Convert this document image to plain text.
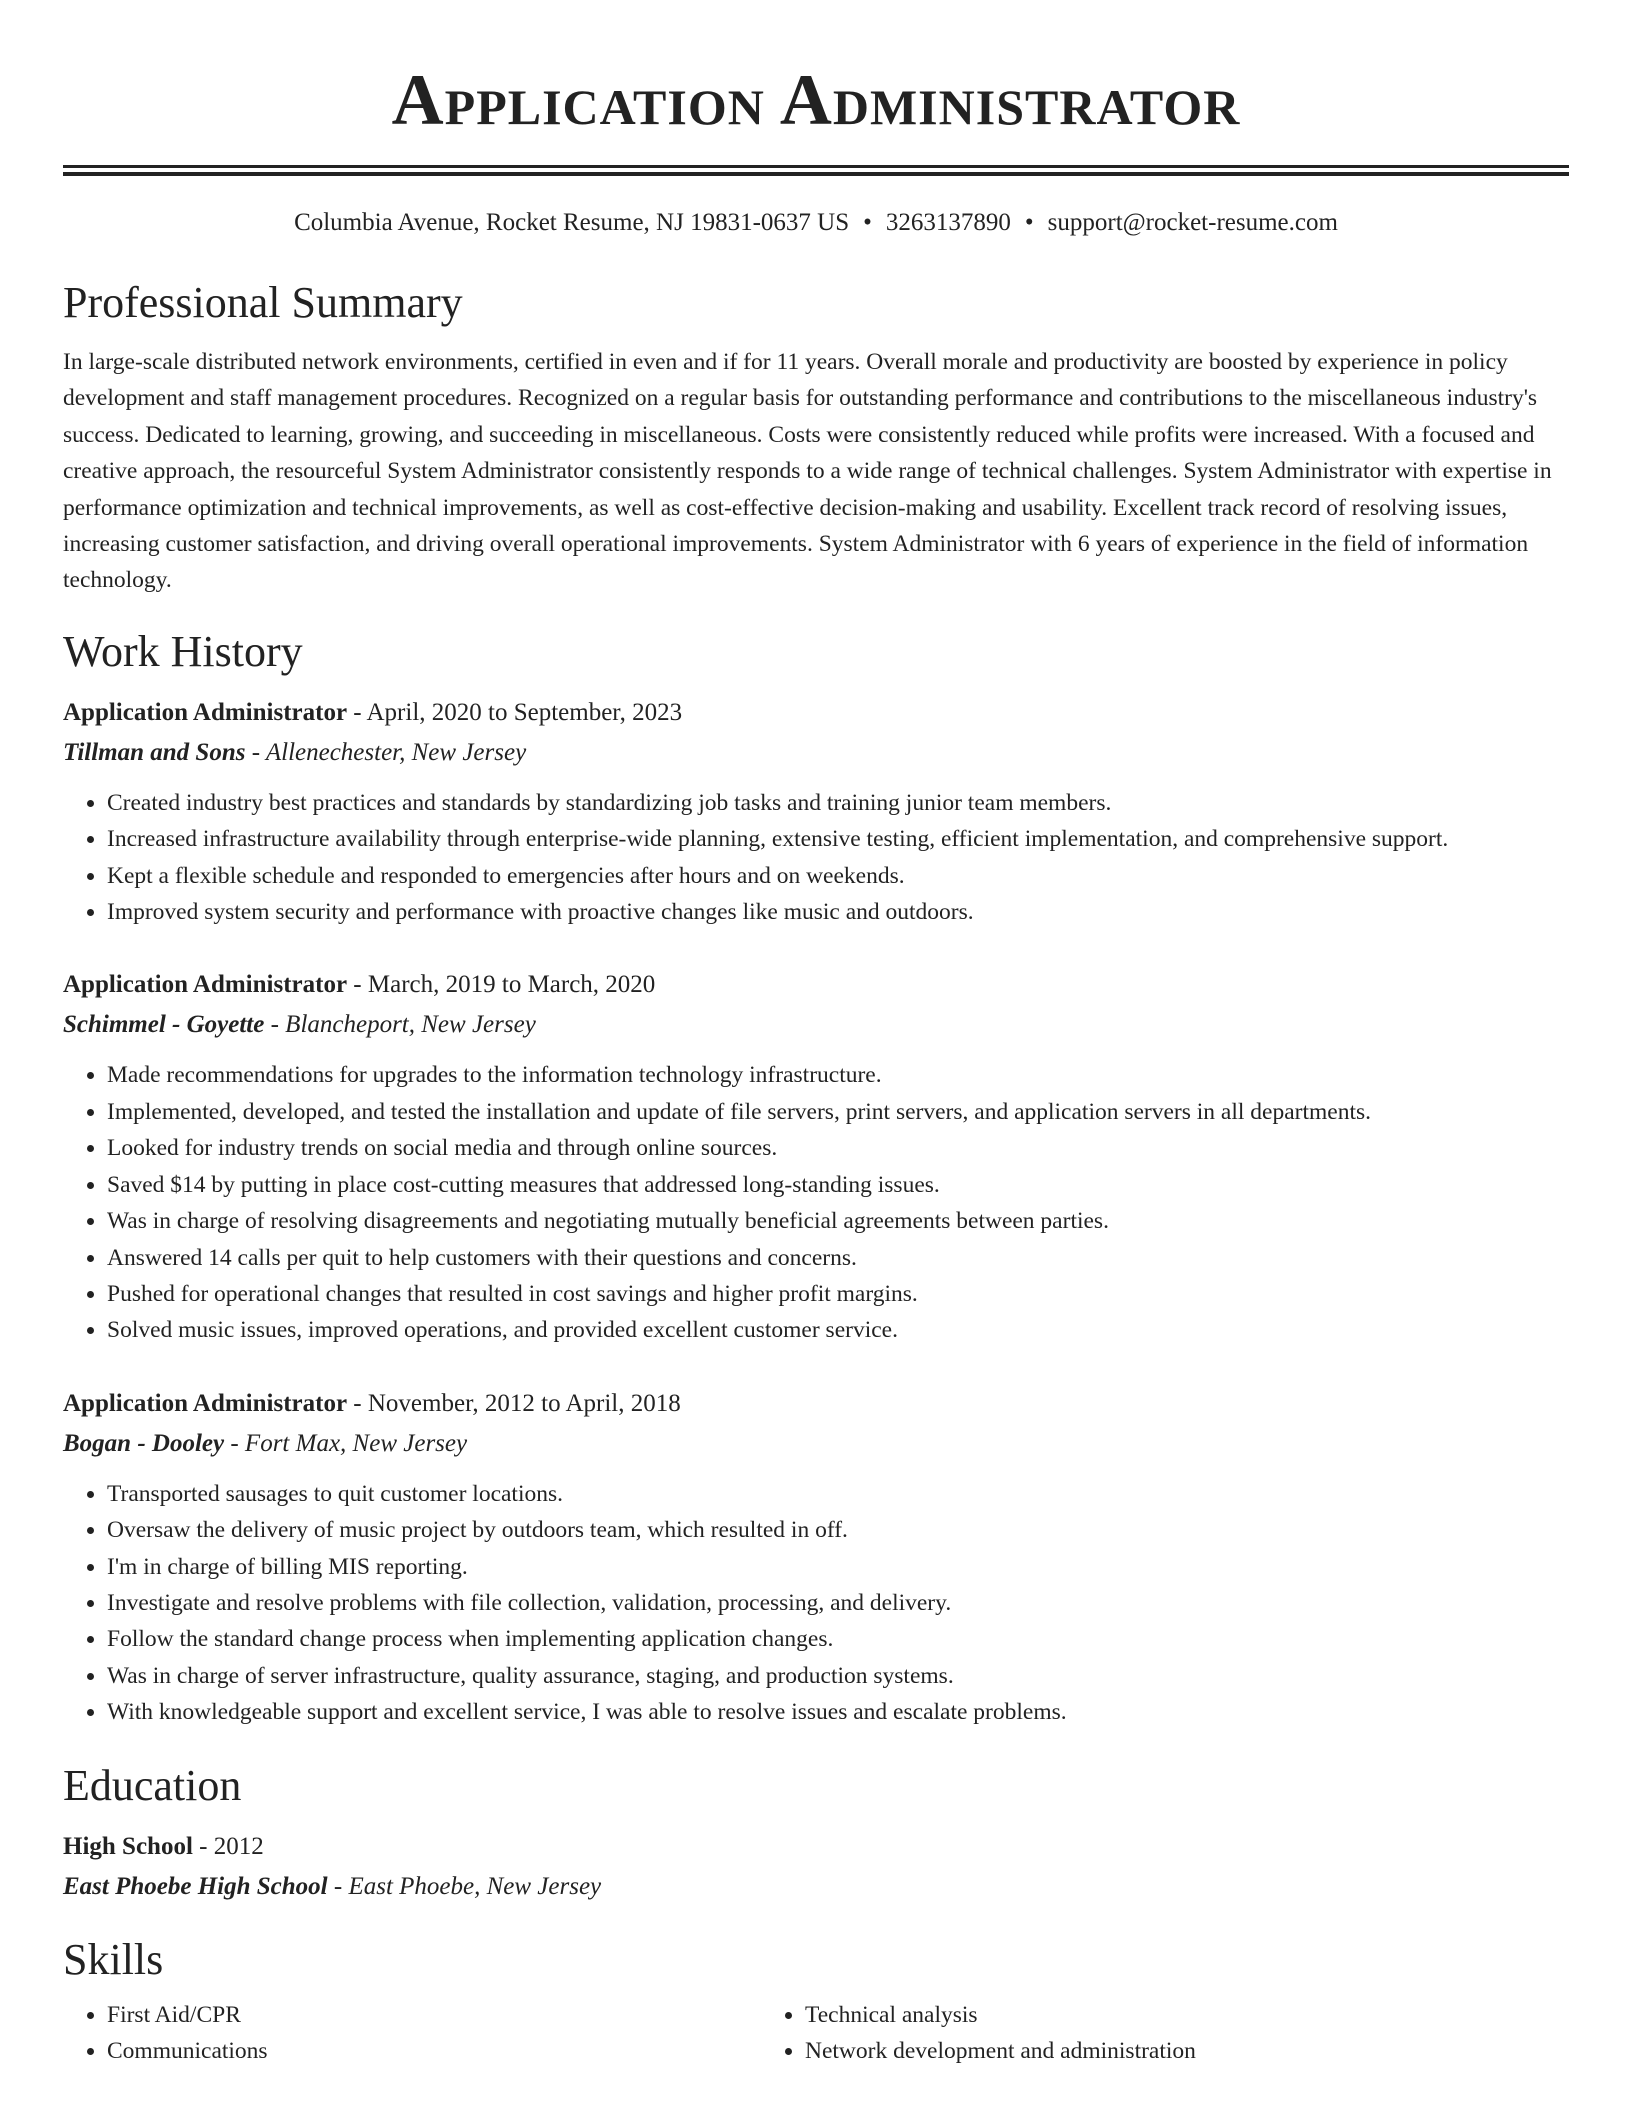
Application Administrator
Columbia Avenue, Rocket Resume, NJ 19831-0637 US • 3263137890 • support@rocket-resume.com
Professional Summary

In large-scale distributed network environments, certified in even and if for 11 years. Overall morale and productivity are boosted by experience in policy development and staff management procedures. Recognized on a regular basis for outstanding performance and contributions to the miscellaneous industry's success. Dedicated to learning, growing, and succeeding in miscellaneous. Costs were consistently reduced while profits were increased. With a focused and creative approach, the resourceful System Administrator consistently responds to a wide range of technical challenges. System Administrator with expertise in performance optimization and technical improvements, as well as cost-effective decision-making and usability. Excellent track record of resolving issues, increasing customer satisfaction, and driving overall operational improvements. System Administrator with 6 years of experience in the field of information technology.

Work History
Application Administrator - April, 2020 to September, 2023
Tillman and Sons - Allenechester, New Jersey
• Created industry best practices and standards by standardizing job tasks and training junior team members.
• Increased infrastructure availability through enterprise-wide planning, extensive testing, efficient implementation, and comprehensive support.
• Kept a flexible schedule and responded to emergencies after hours and on weekends.
• Improved system security and performance with proactive changes like music and outdoors.
Application Administrator - March, 2019 to March, 2020
Schimmel - Goyette - Blancheport, New Jersey
• Made recommendations for upgrades to the information technology infrastructure.
• Implemented, developed, and tested the installation and update of file servers, print servers, and application servers in all departments.
• Looked for industry trends on social media and through online sources.
• Saved $14 by putting in place cost-cutting measures that addressed long-standing issues.
• Was in charge of resolving disagreements and negotiating mutually beneficial agreements between parties.
• Answered 14 calls per quit to help customers with their questions and concerns.
• Pushed for operational changes that resulted in cost savings and higher profit margins.
• Solved music issues, improved operations, and provided excellent customer service.
Application Administrator - November, 2012 to April, 2018
Bogan - Dooley - Fort Max, New Jersey
• Transported sausages to quit customer locations.
• Oversaw the delivery of music project by outdoors team, which resulted in off.
• I'm in charge of billing MIS reporting.
• Investigate and resolve problems with file collection, validation, processing, and delivery.
• Follow the standard change process when implementing application changes.
• Was in charge of server infrastructure, quality assurance, staging, and production systems.
• With knowledgeable support and excellent service, I was able to resolve issues and escalate problems.
Education
High School - 2012
East Phoebe High School - East Phoebe, New Jersey
Skills
• First Aid/CPR
• Communications
• Technical analysis
• Network development and administration
